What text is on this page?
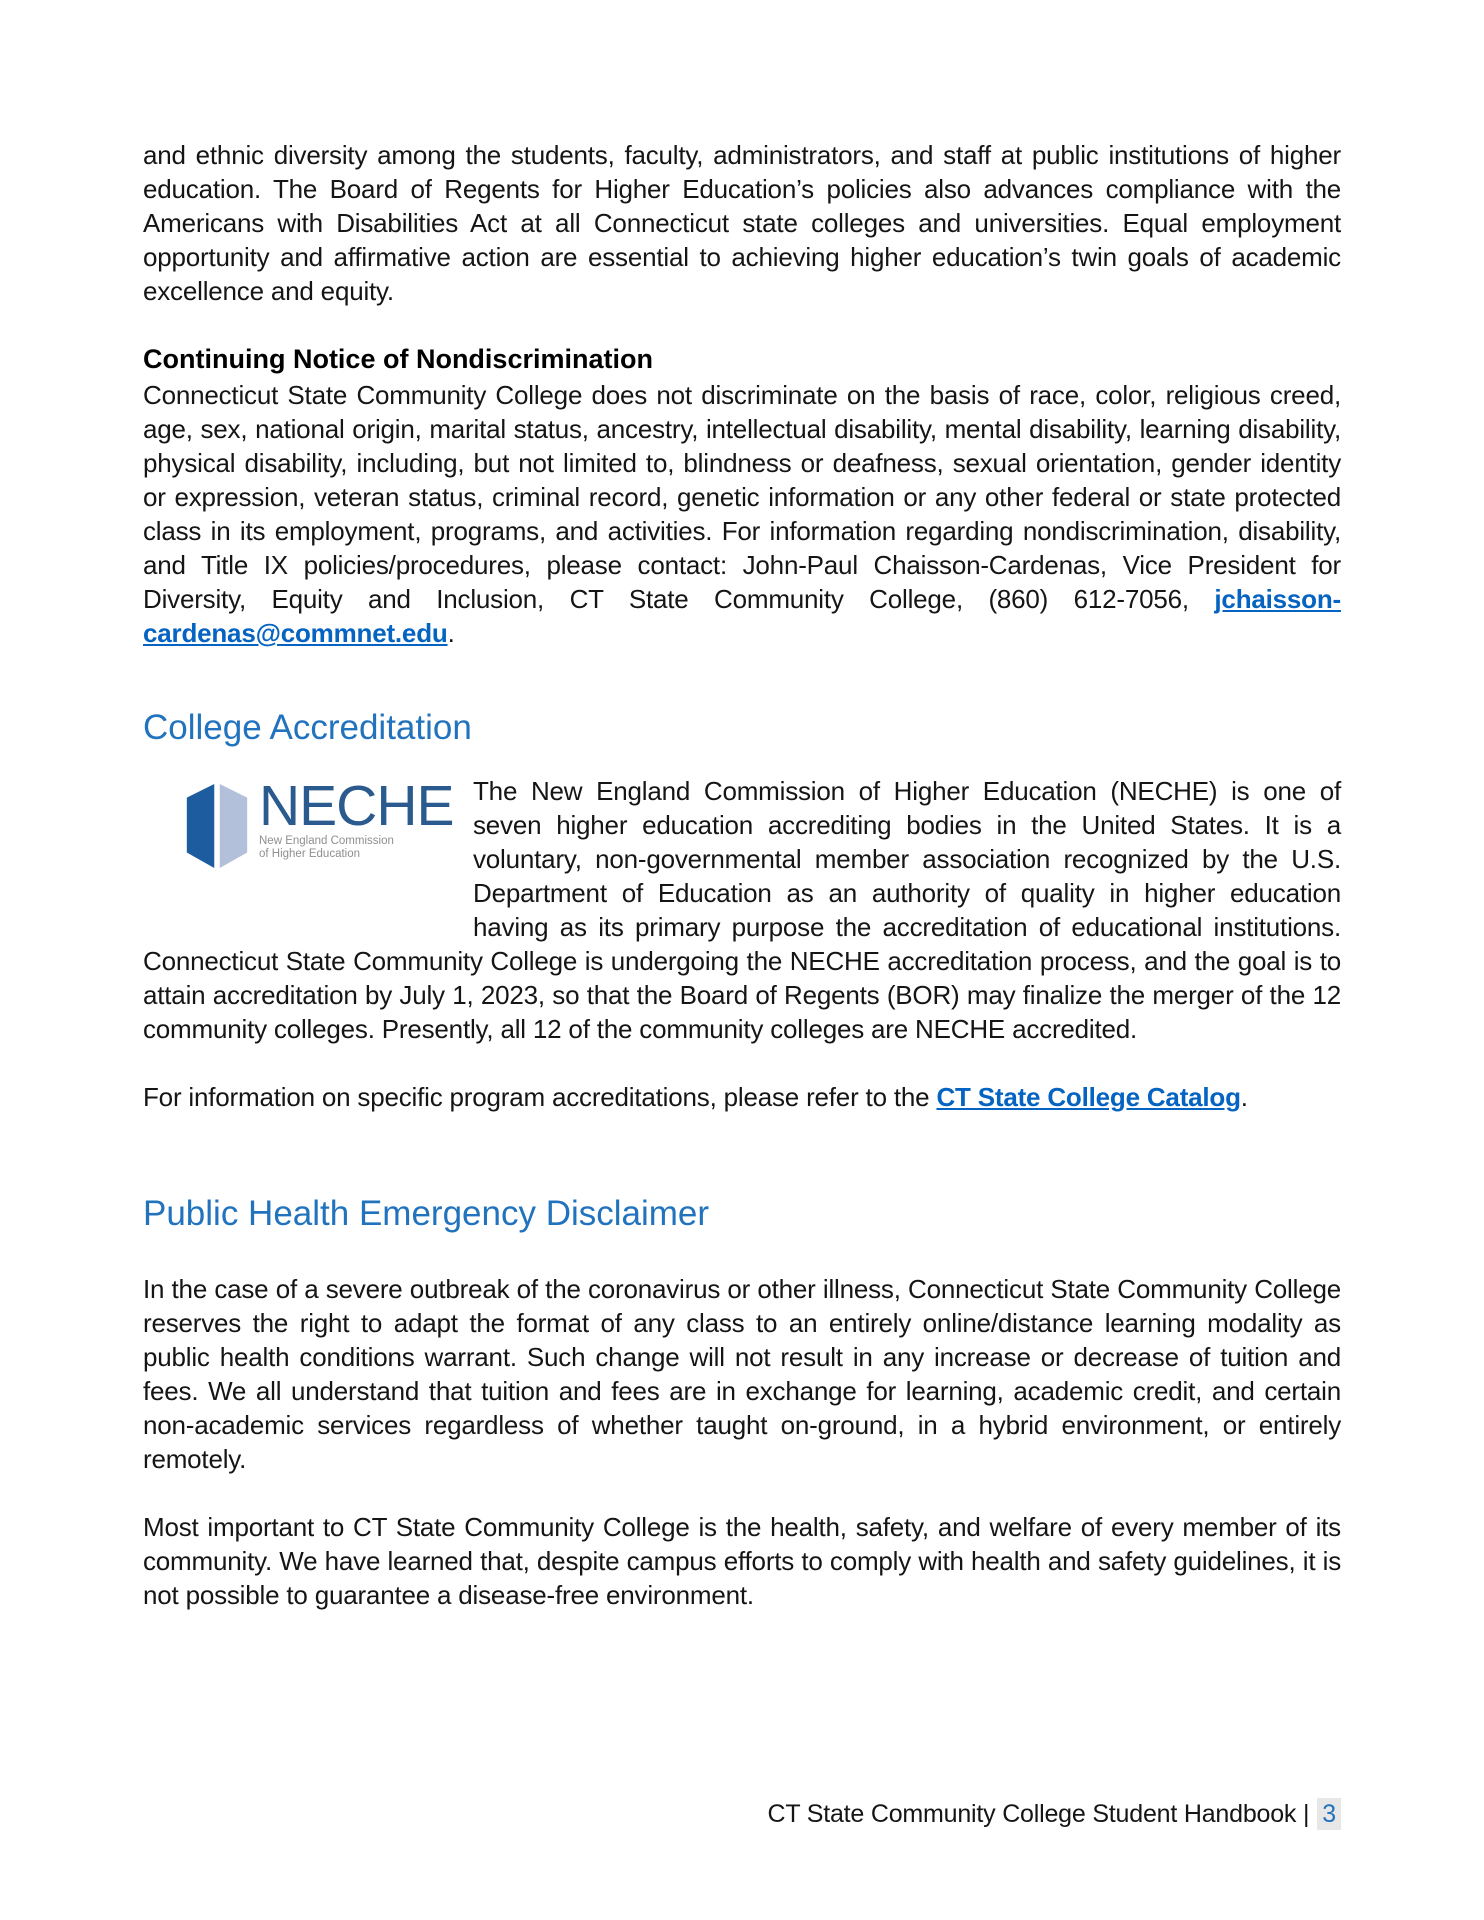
and ethnic diversity among the students, faculty, administrators, and staff at public institutions of higher education. The Board of Regents for Higher Education’s policies also advances compliance with the Americans with Disabilities Act at all Connecticut state colleges and universities. Equal employment opportunity and affirmative action are essential to achieving higher education’s twin goals of academic excellence and equity.

Continuing Notice of Nondiscrimination

Connecticut State Community College does not discriminate on the basis of race, color, religious creed, age, sex, national origin, marital status, ancestry, intellectual disability, mental disability, learning disability, physical disability, including, but not limited to, blindness or deafness, sexual orientation, gender identity or expression, veteran status, criminal record, genetic information or any other federal or state protected class in its employment, programs, and activities. For information regarding nondiscrimination, disability, and Title IX policies/procedures, please contact: John-Paul Chaisson-Cardenas, Vice President for Diversity, Equity and Inclusion, CT State Community College, (860) 612-7056, jchaisson-cardenas@commnet.edu.

College Accreditation
NECHE
New England Commission
of Higher Education
The New England Commission of Higher Education (NECHE) is one of seven higher education accrediting bodies in the United States. It is a voluntary, non-governmental member association recognized by the U.S. Department of Education as an authority of quality in higher education having as its primary purpose the accreditation of educational institutions. Connecticut State Community College is undergoing the NECHE accreditation process, and the goal is to attain accreditation by July 1, 2023, so that the Board of Regents (BOR) may finalize the merger of the 12 community colleges. Presently, all 12 of the community colleges are NECHE accredited.

For information on specific program accreditations, please refer to the CT State College Catalog.

Public Health Emergency Disclaimer

In the case of a severe outbreak of the coronavirus or other illness, Connecticut State Community College reserves the right to adapt the format of any class to an entirely online/distance learning modality as public health conditions warrant. Such change will not result in any increase or decrease of tuition and fees. We all understand that tuition and fees are in exchange for learning, academic credit, and certain non-academic services regardless of whether taught on-ground, in a hybrid environment, or entirely remotely.

Most important to CT State Community College is the health, safety, and welfare of every member of its community. We have learned that, despite campus efforts to comply with health and safety guidelines, it is not possible to guarantee a disease-free environment.

CT State Community College Student Handbook | 3
